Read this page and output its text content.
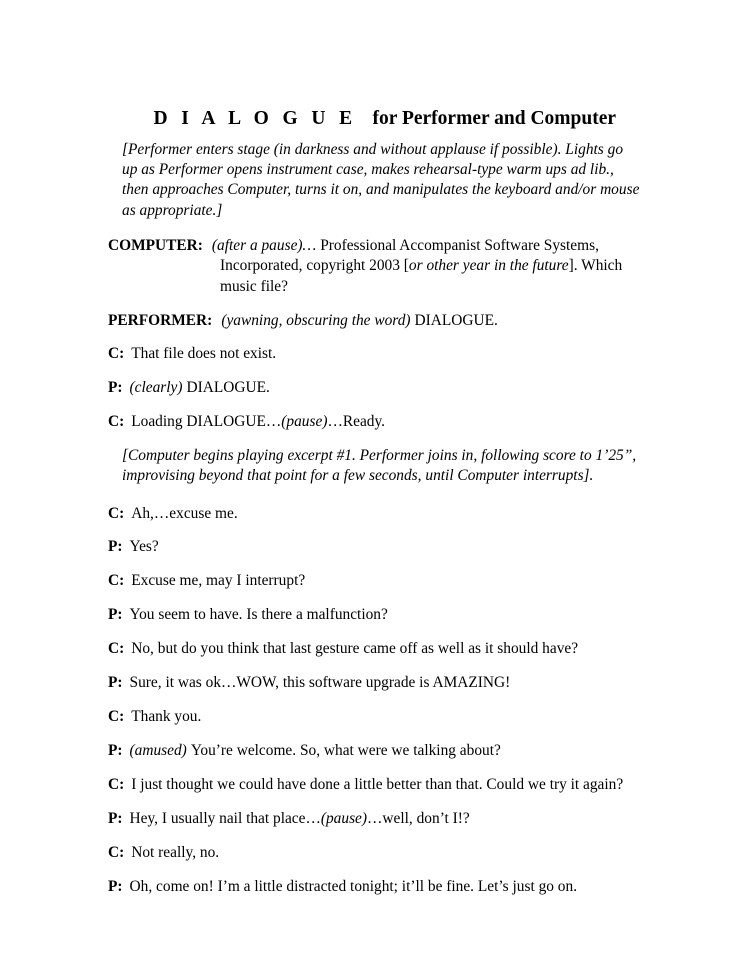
D I A L O G U E for Performer and Computer

[Performer enters stage (in darkness and without applause if possible). Lights go up as Performer opens instrument case, makes rehearsal-type warm ups ad lib., then approaches Computer, turns it on, and manipulates the keyboard and/or mouse as appropriate.]

COMPUTER: (after a pause)… Professional Accompanist Software Systems,
Incorporated, copyright 2003 [or other year in the future]. Which music file?

PERFORMER: (yawning, obscuring the word) DIALOGUE.

C: That file does not exist.

P: (clearly) DIALOGUE.

C: Loading DIALOGUE…(pause)…Ready.

[Computer begins playing excerpt #1. Performer joins in, following score to 1’25”, improvising beyond that point for a few seconds, until Computer interrupts].

C: Ah,…excuse me.

P: Yes?

C: Excuse me, may I interrupt?

P: You seem to have. Is there a malfunction?

C: No, but do you think that last gesture came off as well as it should have?

P: Sure, it was ok…WOW, this software upgrade is AMAZING!

C: Thank you.

P: (amused) You’re welcome. So, what were we talking about?

C: I just thought we could have done a little better than that. Could we try it again?

P: Hey, I usually nail that place…(pause)…well, don’t I!?

C: Not really, no.

P: Oh, come on! I’m a little distracted tonight; it’ll be fine. Let’s just go on.
